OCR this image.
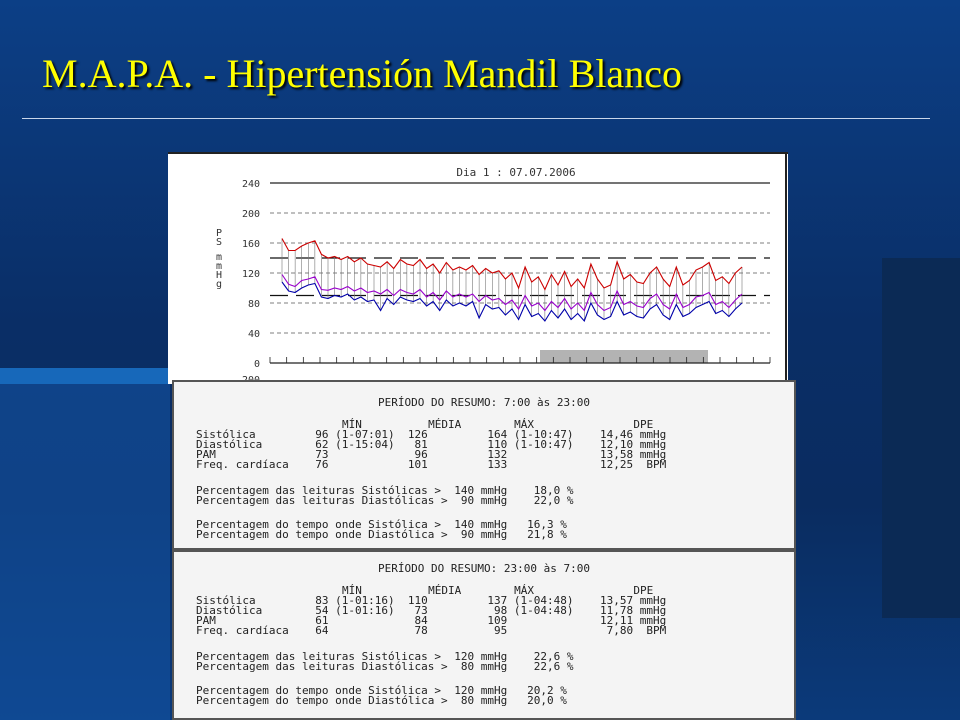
M.A.P.A. - Hipertensión Mandil Blanco
Dia 1 : 07.07.2006
P S m m H g
0
40
80
120
160
200
240
PERÍODO DO RESUMO: 7:00 às 23:00
MÍN          MÉDIA        MÁX               DPE
Sistólica         96 (1-07:01)  126         164 (1-10:47)    14,46 mmHg
Diastólica        62 (1-15:04)   81         110 (1-10:47)    12,10 mmHg
PAM               73             96         132              13,58 mmHg
Freq. cardíaca    76            101         133              12,25  BPM
Percentagem das leituras Sistólicas >  140 mmHg    18,0 %
Percentagem das leituras Diastólicas >  90 mmHg    22,0 %
Percentagem do tempo onde Sistólica >  140 mmHg   16,3 %
Percentagem do tempo onde Diastólica >  90 mmHg   21,8 %
PERÍODO DO RESUMO: 23:00 às 7:00
MÍN          MÉDIA        MÁX               DPE
Sistólica         83 (1-01:16)  110         137 (1-04:48)    13,57 mmHg
Diastólica        54 (1-01:16)   73          98 (1-04:48)    11,78 mmHg
PAM               61             84         109              12,11 mmHg
Freq. cardíaca    64             78          95               7,80  BPM
Percentagem das leituras Sistólicas >  120 mmHg    22,6 %
Percentagem das leituras Diastólicas >  80 mmHg    22,6 %
Percentagem do tempo onde Sistólica >  120 mmHg   20,2 %
Percentagem do tempo onde Diastólica >  80 mmHg   20,0 %
